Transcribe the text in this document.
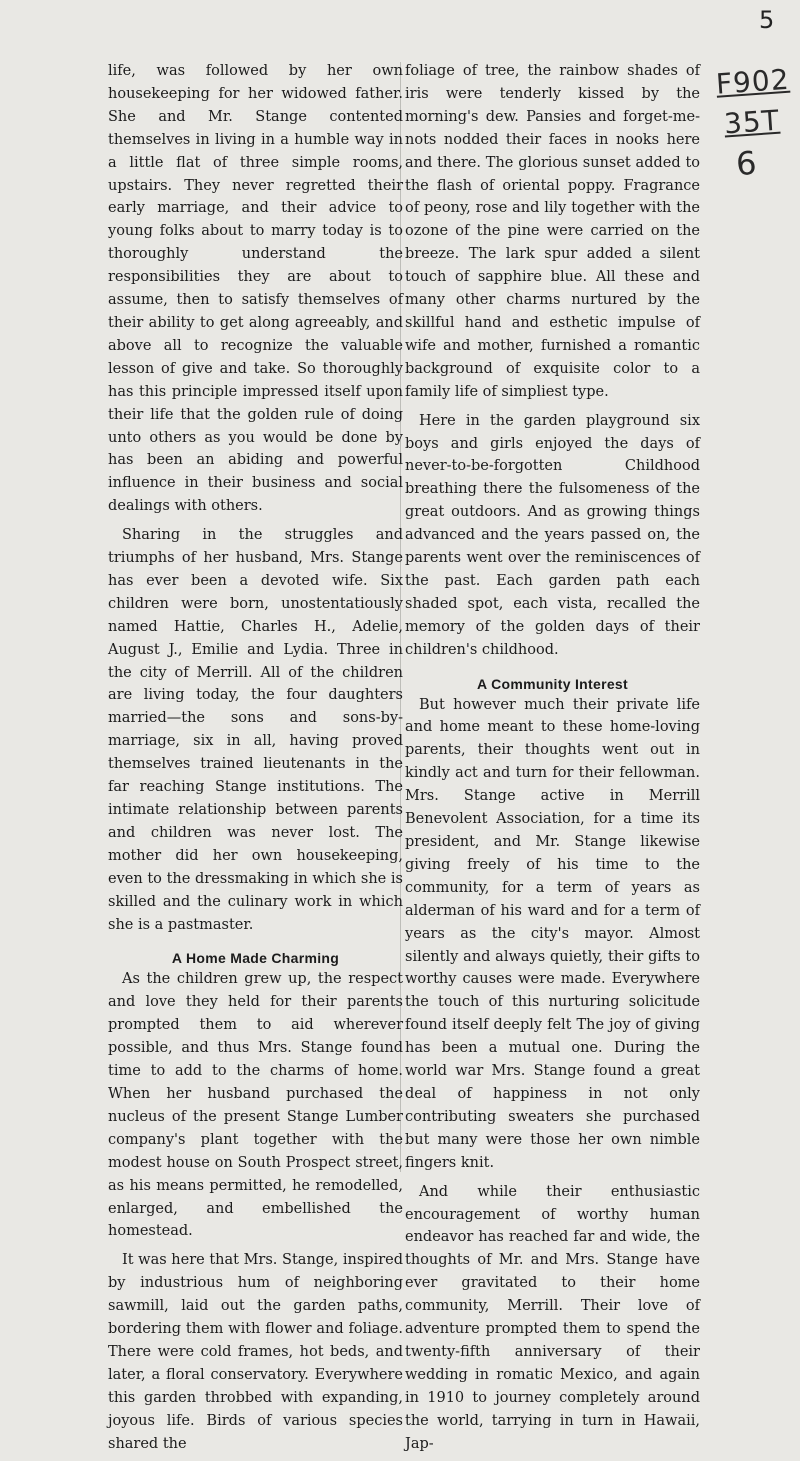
5
F902
35T
6

life, was followed by her own housekeeping for her widowed father. She and Mr. Stange contented themselves in living in a humble way in a little flat of three simple rooms, upstairs. They never regretted their early marriage, and their advice to young folks about to marry today is to thoroughly understand the responsibilities they are about to assume, then to satisfy themselves of their ability to get along agreeably, and above all to recognize the valuable lesson of give and take. So thoroughly has this principle impressed itself upon their life that the golden rule of doing unto others as you would be done by has been an abiding and powerful influence in their business and social dealings with others.

Sharing in the struggles and triumphs of her husband, Mrs. Stange has ever been a devoted wife. Six children were born, unostentatiously named Hattie, Charles H., Adelie, August J., Emilie and Lydia. Three in the city of Merrill. All of the children are living today, the four daughters married—the sons and sons-by-marriage, six in all, having proved themselves trained lieutenants in the far reaching Stange institutions. The intimate relationship between parents and children was never lost. The mother did her own housekeeping, even to the dressmaking in which she is skilled and the culinary work in which she is a pastmaster.

A Home Made Charming

As the children grew up, the respect and love they held for their parents prompted them to aid wherever possible, and thus Mrs. Stange found time to add to the charms of home. When her husband purchased the nucleus of the present Stange Lumber company's plant together with the modest house on South Prospect street, as his means permitted, he remodelled, enlarged, and embellished the homestead.

It was here that Mrs. Stange, inspired by industrious hum of neighboring sawmill, laid out the garden paths, bordering them with flower and foliage. There were cold frames, hot beds, and later, a floral conservatory. Everywhere this garden throbbed with expanding, joyous life. Birds of various species shared the

foliage of tree, the rainbow shades of iris were tenderly kissed by the morning's dew. Pansies and forget-me-nots nodded their faces in nooks here and there. The glorious sunset added to the flash of oriental poppy. Fragrance of peony, rose and lily together with the ozone of the pine were carried on the breeze. The lark spur added a silent touch of sapphire blue. All these and many other charms nurtured by the skillful hand and esthetic impulse of wife and mother, furnished a romantic background of exquisite color to a family life of simpliest type.

Here in the garden playground six boys and girls enjoyed the days of never-to-be-forgotten Childhood breathing there the fulsomeness of the great outdoors. And as growing things advanced and the years passed on, the parents went over the reminiscences of the past. Each garden path each shaded spot, each vista, recalled the memory of the golden days of their children's childhood.

A Community Interest

But however much their private life and home meant to these home-loving parents, their thoughts went out in kindly act and turn for their fellowman. Mrs. Stange active in Merrill Benevolent Association, for a time its president, and Mr. Stange likewise giving freely of his time to the community, for a term of years as alderman of his ward and for a term of years as the city's mayor. Almost silently and always quietly, their gifts to worthy causes were made. Everywhere the touch of this nurturing solicitude found itself deeply felt The joy of giving has been a mutual one. During the world war Mrs. Stange found a great deal of happiness in not only contributing sweaters she purchased but many were those her own nimble fingers knit.

And while their enthusiastic encouragement of worthy human endeavor has reached far and wide, the thoughts of Mr. and Mrs. Stange have ever gravitated to their home community, Merrill. Their love of adventure prompted them to spend the twenty-fifth anniversary of their wedding in romatic Mexico, and again in 1910 to journey completely around the world, tarrying in turn in Hawaii, Jap-
